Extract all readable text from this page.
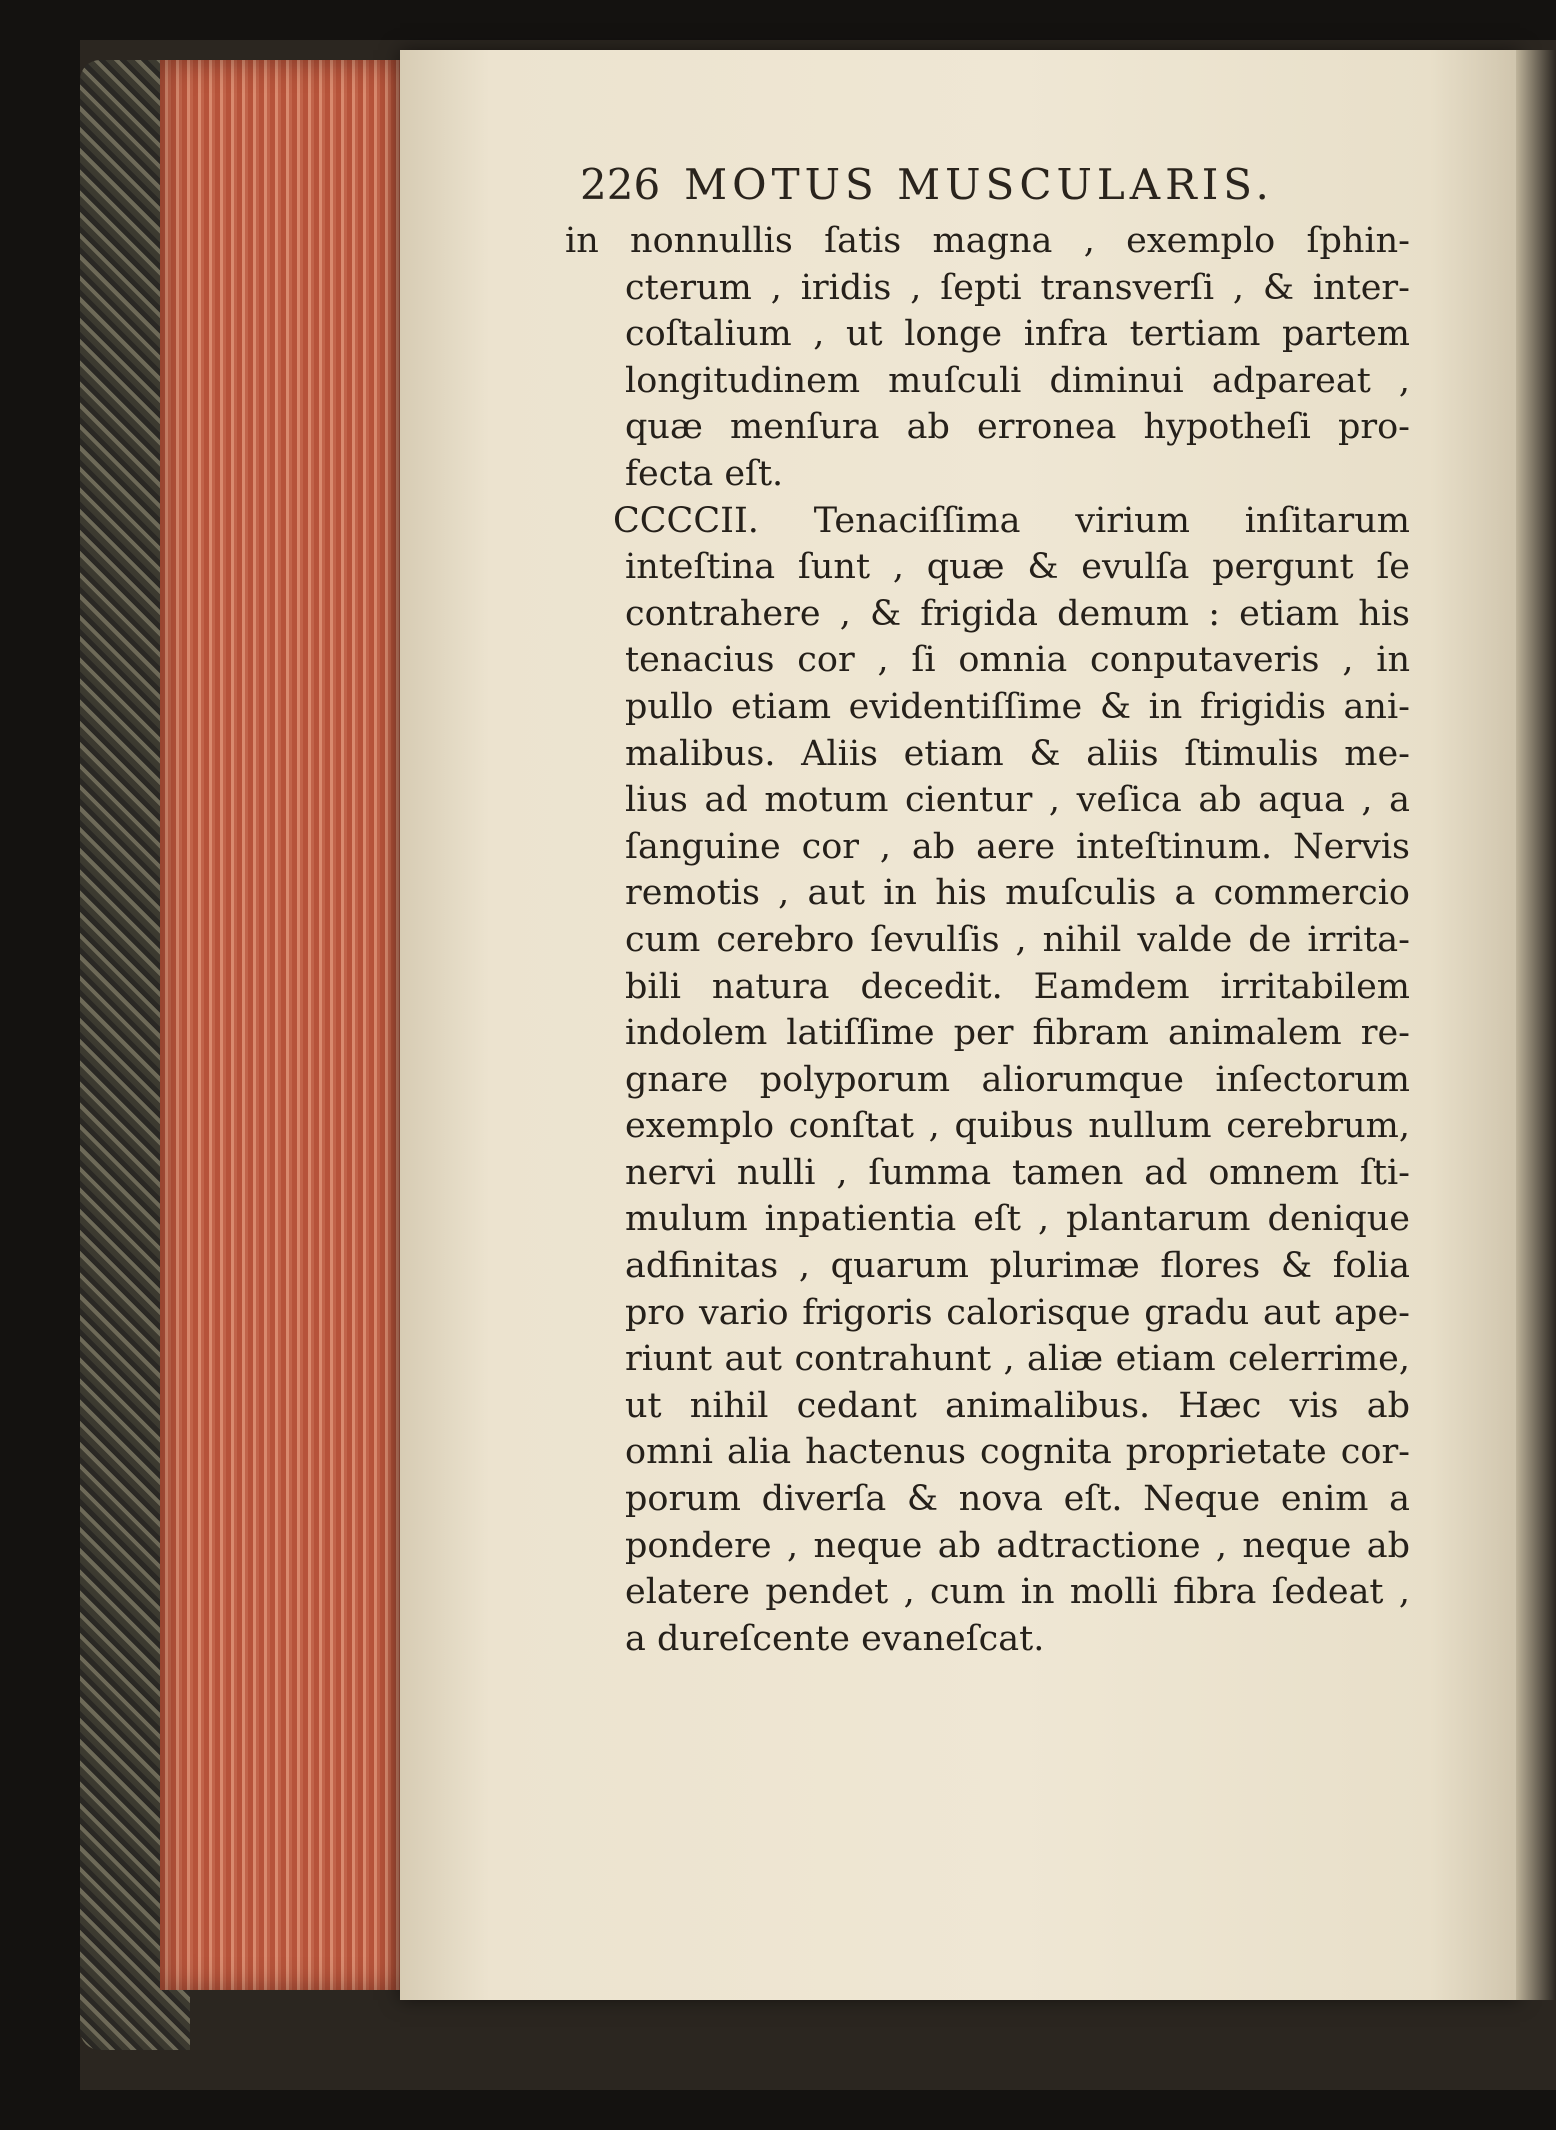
226 MOTUS MUSCULARIS.
in nonnullis ſatis magna , exemplo ſphin-
cterum , iridis , ſepti transverſi , & inter-
coſtalium , ut longe infra tertiam partem
longitudinem muſculi diminui adpareat ,
quæ menſura ab erronea hypotheſi pro-
fecta eſt.
CCCCII. Tenaciſſima virium inſitarum
inteſtina ſunt , quæ & evulſa pergunt ſe
contrahere , & frigida demum : etiam his
tenacius cor , ſi omnia conputaveris , in
pullo etiam evidentiſſime & in frigidis ani-
malibus. Aliis etiam & aliis ſtimulis me-
lius ad motum cientur , veſica ab aqua , a
ſanguine cor , ab aere inteſtinum. Nervis
remotis , aut in his muſculis a commercio
cum cerebro ſevulſis , nihil valde de irrita-
bili natura decedit. Eamdem irritabilem
indolem latiſſime per fibram animalem re-
gnare polyporum aliorumque inſectorum
exemplo conſtat , quibus nullum cerebrum,
nervi nulli , ſumma tamen ad omnem ſti-
mulum inpatientia eſt , plantarum denique
adfinitas , quarum plurimæ flores & folia
pro vario frigoris calorisque gradu aut ape-
riunt aut contrahunt , aliæ etiam celerrime,
ut nihil cedant animalibus. Hæc vis ab
omni alia hactenus cognita proprietate cor-
porum diverſa & nova eſt. Neque enim a
pondere , neque ab adtractione , neque ab
elatere pendet , cum in molli fibra ſedeat ,
a dureſcente evaneſcat.
